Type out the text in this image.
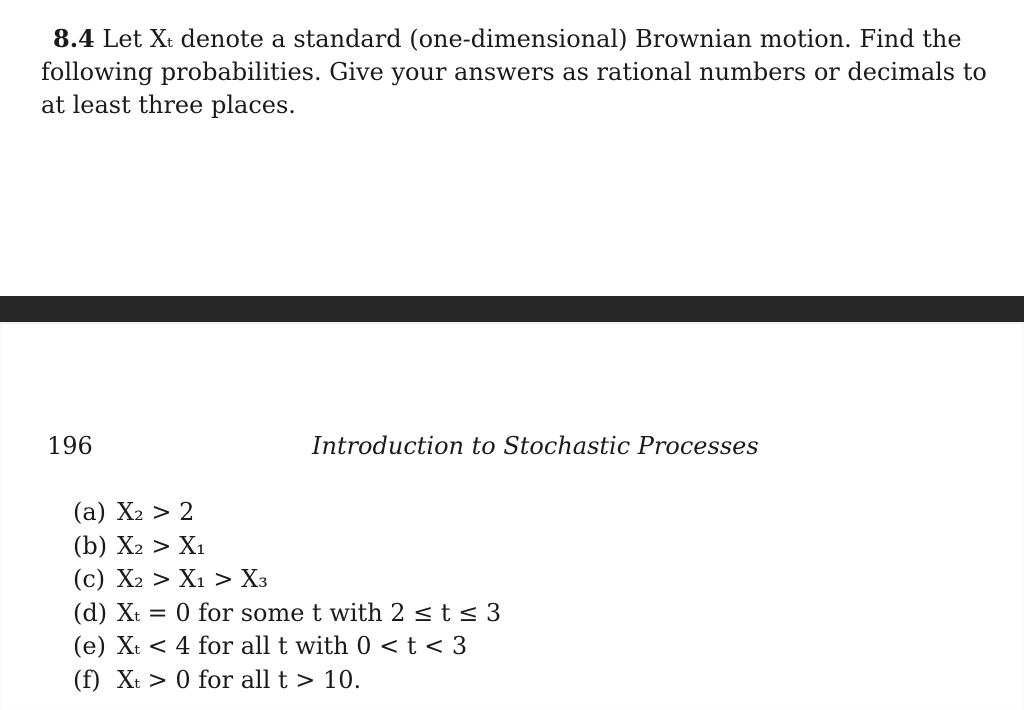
8.4 Let Xₜ denote a standard (one-dimensional) Brownian motion. Find the
following probabilities. Give your answers as rational numbers or decimals to
at least three places.

196	Introduction to Stochastic Processes
(a) X₂ > 2
(b) X₂ > X₁
(c) X₂ > X₁ > X₃
(d) Xₜ = 0 for some t with 2 ≤ t ≤ 3
(e) Xₜ < 4 for all t with 0 < t < 3
(f) Xₜ > 0 for all t > 10.
